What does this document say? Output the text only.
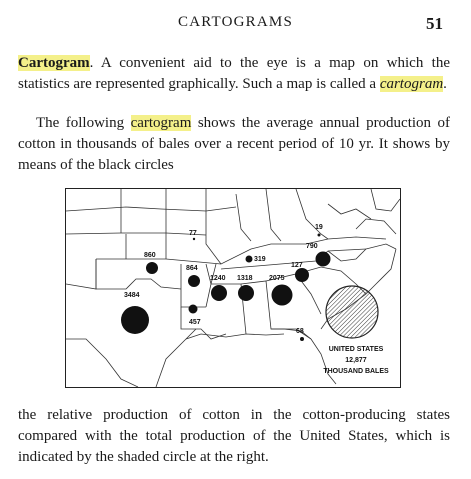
CARTOGRAMS	51

Cartogram. A convenient aid to the eye is a map on which the statistics are represented graphically. Such a map is called a cartogram.

The following cartogram shows the average annual production of cotton in thousands of bales over a recent period of 10 yr. It shows by means of the black circles

3484
860
864
77
457
1240 1318 2075
319
127
790
19
68
UNITED STATES
12,877
THOUSAND BALES

the relative production of cotton in the cotton-producing states compared with the total production of the United States, which is indicated by the shaded circle at the right.
